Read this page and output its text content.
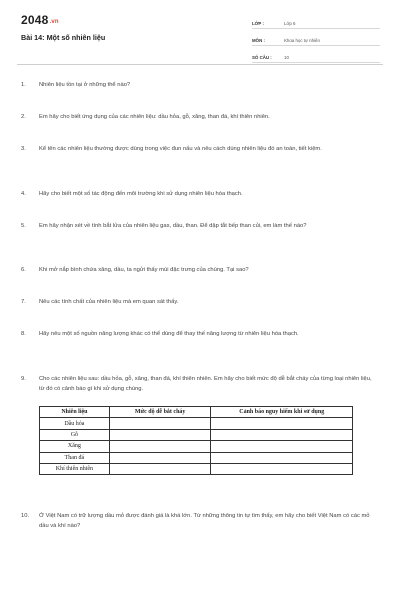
2048.vn
Bài 14: Một số nhiên liệu
LỚP :	Lớp 6
MÔN :	Khoa học tự nhiên
SỐ CÂU :	10
1.	Nhiên liệu tồn tại ở những thể nào?
2.	Em hãy cho biết ứng dụng của các nhiên liệu: dầu hỏa, gỗ, xăng, than đá, khí thiên nhiên.
3.	Kể tên các nhiên liệu thường được dùng trong việc đun nấu và nêu cách dùng nhiên liệu đó an toàn, tiết kiệm.
4.	Hãy cho biết một số tác động đến môi trường khi sử dụng nhiên liệu hóa thạch.
5.	Em hãy nhận xét về tính bắt lửa của nhiên liệu gas, dầu, than. Để dập tắt bếp than củi, em làm thế nào?
6.	Khi mở nắp bình chứa xăng, dầu, ta ngửi thấy mùi đặc trưng của chúng. Tại sao?
7.	Nêu các tính chất của nhiên liệu mà em quan sát thấy.
8.	Hãy nêu một số nguồn năng lượng khác có thể dùng để thay thế năng lượng từ nhiên liệu hóa thạch.
9.	Cho các nhiên liệu sau: dầu hỏa, gỗ, xăng, than đá, khí thiên nhiên. Em hãy cho biết mức độ dễ bắt cháy của từng loại nhiên liệu, từ đó có cảnh báo gì khi sử dụng chúng.
Nhiên liệu	Mức độ dễ bắt cháy	Cảnh báo nguy hiểm khi sử dụng
Dầu hỏa		
Gỗ		
Xăng		
Than đá		
Khí thiên nhiên		
10.	Ở Việt Nam có trữ lượng dầu mỏ được đánh giá là khá lớn. Từ những thông tin tự tìm thấy, em hãy cho biết Việt Nam có các mỏ dầu và khí nào?
